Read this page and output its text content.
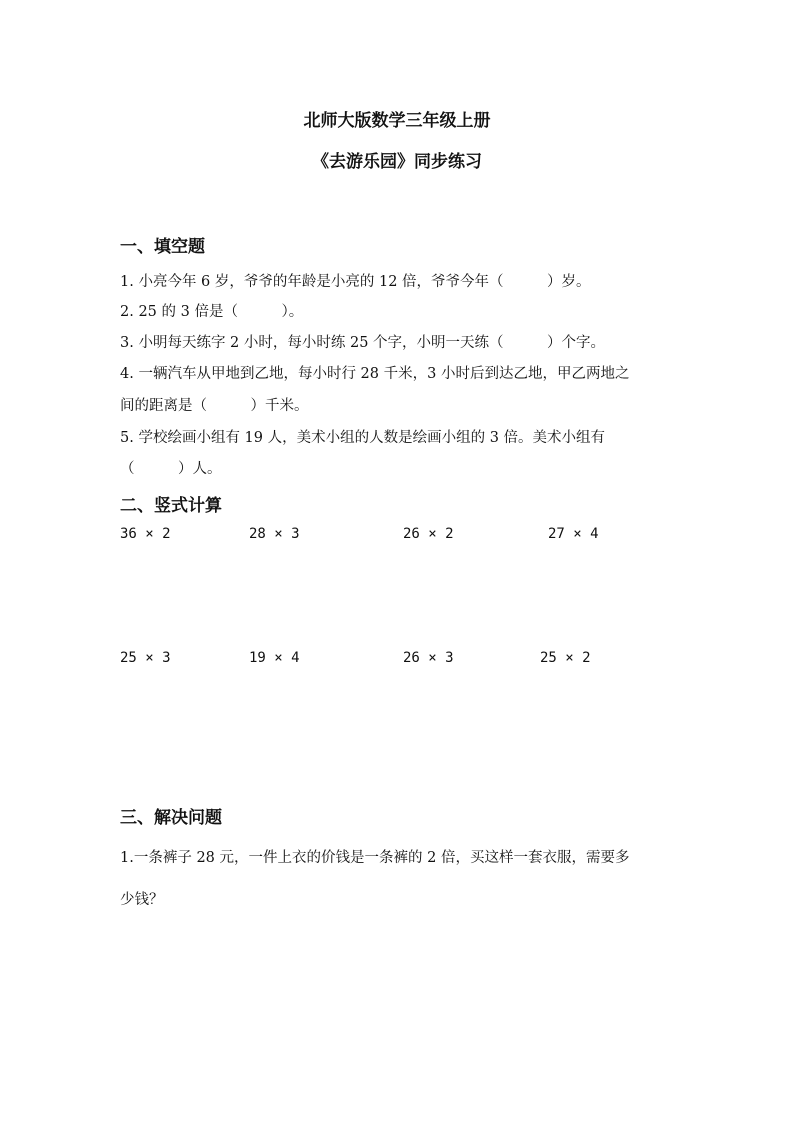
北师大版数学三年级上册
《去游乐园》同步练习
一、填空题
1. 小亮今年 6 岁，爷爷的年龄是小亮的 12 倍，爷爷今年（　　　）岁。
2. 25 的 3 倍是（　　　）。
3. 小明每天练字 2 小时，每小时练 25 个字，小明一天练（　　　）个字。
4. 一辆汽车从甲地到乙地，每小时行 28 千米，3 小时后到达乙地，甲乙两地之
间的距离是（　　　）千米。
5. 学校绘画小组有 19 人，美术小组的人数是绘画小组的 3 倍。美术小组有
（　　　）人。
二、竖式计算
36 × 2	28 × 3	26 × 2	27 × 4
25 × 3	19 × 4	26 × 3	25 × 2
三、解决问题
1.一条裤子 28 元，一件上衣的价钱是一条裤的 2 倍，买这样一套衣服，需要多
少钱？
